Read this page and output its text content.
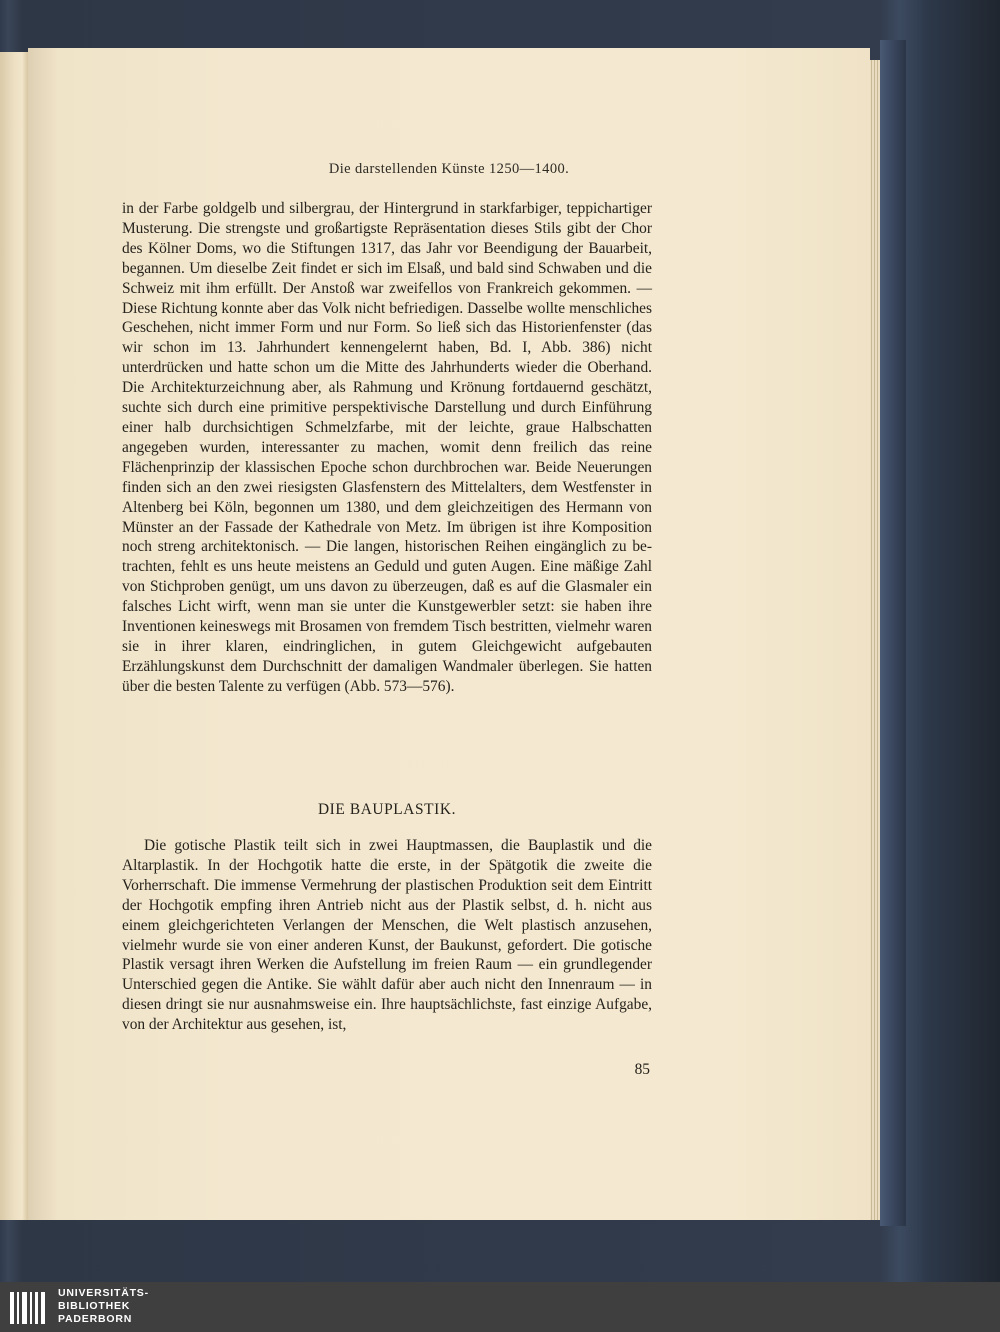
Die darstellenden Künste 1250—1400.

in der Farbe goldgelb und silbergrau, der Hintergrund in starkfarbiger, teppichartiger Musterung. Die strengste und großartigste Repräsentation dieses Stils gibt der Chor des Kölner Doms, wo die Stiftungen 1317, das Jahr vor Beendigung der Bauarbeit, begannen. Um dieselbe Zeit findet er sich im Elsaß, und bald sind Schwaben und die Schweiz mit ihm erfüllt. Der Anstoß war zweifellos von Frankreich gekommen. — Diese Richtung konnte aber das Volk nicht befriedigen. Dasselbe wollte menschliches Geschehen, nicht immer Form und nur Form. So ließ sich das Historienfenster (das wir schon im 13. Jahrhundert kennengelernt haben, Bd. I, Abb. 386) nicht unterdrücken und hatte schon um die Mitte des Jahrhunderts wieder die Oberhand. Die Architekturzeichnung aber, als Rahmung und Krönung fortdauernd geschätzt, suchte sich durch eine primitive perspektivische Darstellung und durch Einführung einer halb durchsichtigen Schmelzfarbe, mit der leichte, graue Halbschatten angegeben wurden, interessanter zu machen, womit denn freilich das reine Flächenprinzip der klassischen Epoche schon durchbrochen war. Beide Neuerungen finden sich an den zwei riesigsten Glasfenstern des Mittelalters, dem Westfenster in Altenberg bei Köln, begonnen um 1380, und dem gleichzeitigen des Hermann von Münster an der Fassade der Kathedrale von Metz. Im übrigen ist ihre Komposition noch streng architektonisch. — Die langen, historischen Reihen eingänglich zu betrachten, fehlt es uns heute meistens an Geduld und guten Augen. Eine mäßige Zahl von Stichproben genügt, um uns davon zu überzeugen, daß es auf die Glasmaler ein falsches Licht wirft, wenn man sie unter die Kunstgewerbler setzt: sie haben ihre Inventionen keineswegs mit Brosamen von fremdem Tisch bestritten, vielmehr waren sie in ihrer klaren, eindringlichen, in gutem Gleichgewicht aufgebauten Erzählungskunst dem Durchschnitt der damaligen Wandmaler überlegen. Sie hatten über die besten Talente zu verfügen (Abb. 573—576).

DIE BAUPLASTIK.

Die gotische Plastik teilt sich in zwei Hauptmassen, die Bauplastik und die Altarplastik. In der Hochgotik hatte die erste, in der Spätgotik die zweite die Vorherrschaft. Die immense Vermehrung der plastischen Produktion seit dem Eintritt der Hochgotik empfing ihren Antrieb nicht aus der Plastik selbst, d. h. nicht aus einem gleichgerichteten Verlangen der Menschen, die Welt plastisch anzusehen, vielmehr wurde sie von einer anderen Kunst, der Baukunst, gefordert. Die gotische Plastik versagt ihren Werken die Aufstellung im freien Raum — ein grundlegender Unterschied gegen die Antike. Sie wählt dafür aber auch nicht den Innenraum — in diesen dringt sie nur ausnahmsweise ein. Ihre hauptsächlichste, fast einzige Aufgabe, von der Architektur aus gesehen, ist,

85
UNIVERSITÄTS-
BIBLIOTHEK
PADERBORN
